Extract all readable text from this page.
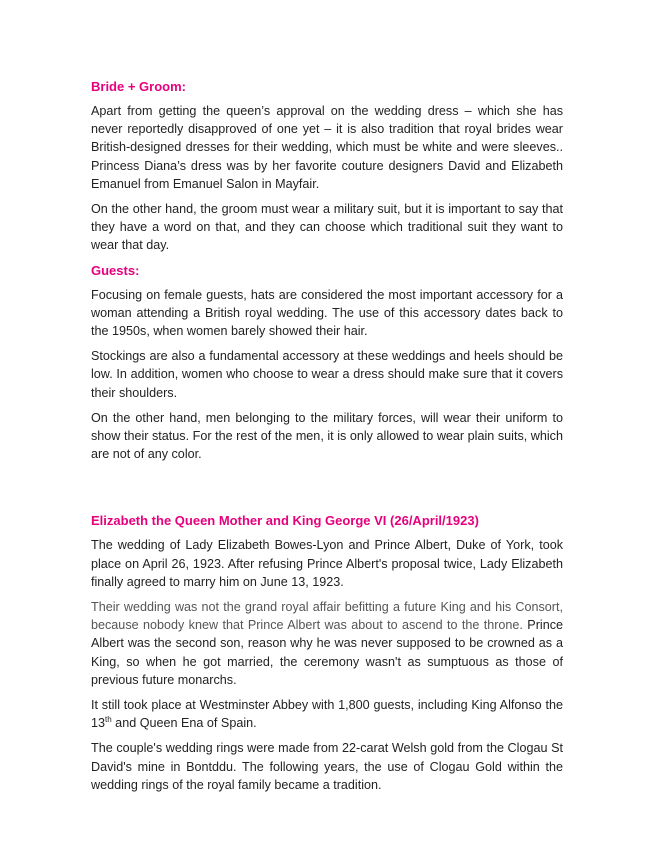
Bride + Groom:

Apart from getting the queen’s approval on the wedding dress – which she has never reportedly disapproved of one yet – it is also tradition that royal brides wear British-designed dresses for their wedding, which must be white and were sleeves.. Princess Diana’s dress was by her favorite couture designers David and Elizabeth Emanuel from Emanuel Salon in Mayfair.

On the other hand, the groom must wear a military suit, but it is important to say that they have a word on that, and they can choose which traditional suit they want to wear that day.

Guests:

Focusing on female guests, hats are considered the most important accessory for a woman attending a British royal wedding. The use of this accessory dates back to the 1950s, when women barely showed their hair.

Stockings are also a fundamental accessory at these weddings and heels should be low. In addition, women who choose to wear a dress should make sure that it covers their shoulders.

On the other hand, men belonging to the military forces, will wear their uniform to show their status. For the rest of the men, it is only allowed to wear plain suits, which are not of any color.

Elizabeth the Queen Mother and King George VI (26/April/1923)

The wedding of Lady Elizabeth Bowes-Lyon and Prince Albert, Duke of York, took place on April 26, 1923. After refusing Prince Albert's proposal twice, Lady Elizabeth finally agreed to marry him on June 13, 1923.

Their wedding was not the grand royal affair befitting a future King and his Consort, because nobody knew that Prince Albert was about to ascend to the throne. Prince Albert was the second son, reason why he was never supposed to be crowned as a King, so when he got married, the ceremony wasn't as sumptuous as those of previous future monarchs.

It still took place at Westminster Abbey with 1,800 guests, including King Alfonso the 13th and Queen Ena of Spain.

The couple's wedding rings were made from 22-carat Welsh gold from the Clogau St David's mine in Bontddu. The following years, the use of Clogau Gold within the wedding rings of the royal family became a tradition.
